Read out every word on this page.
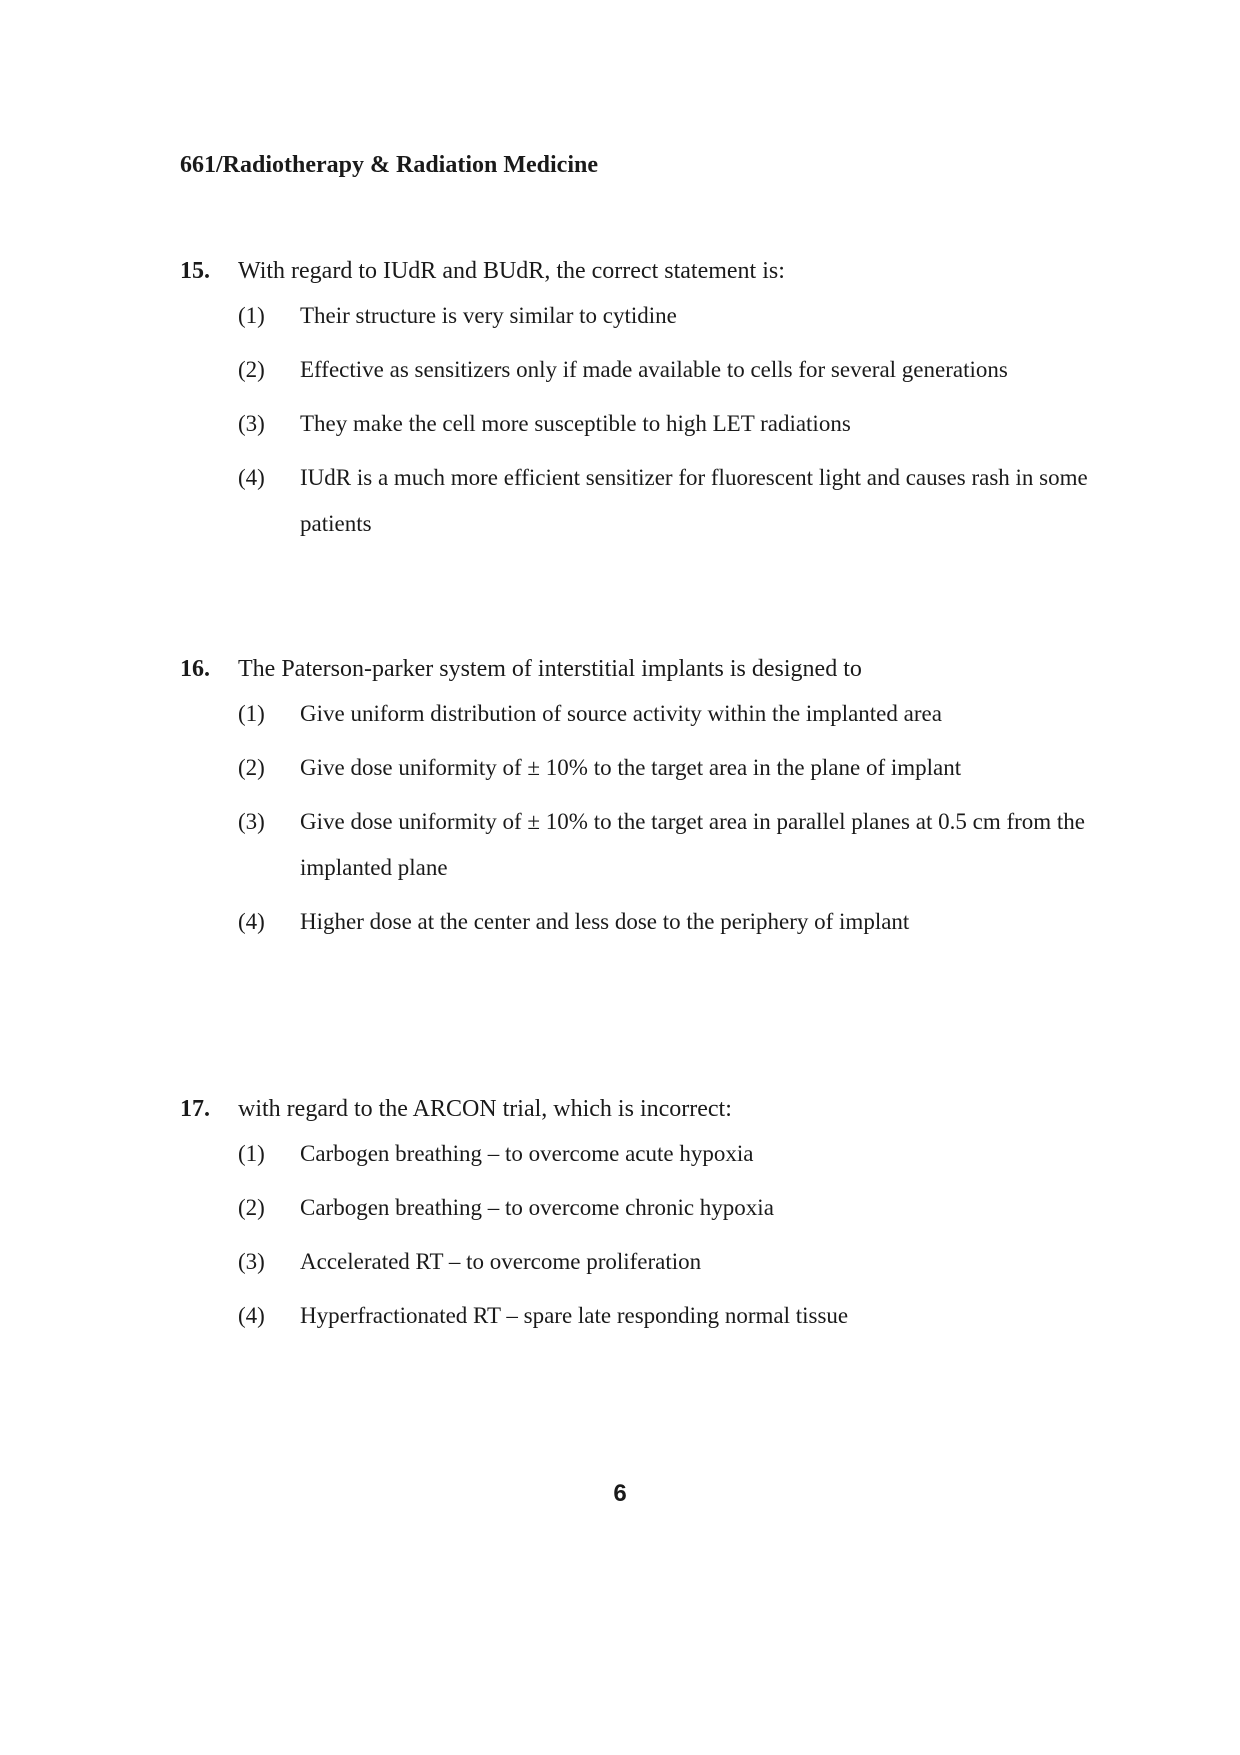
661/Radiotherapy & Radiation Medicine
15.	With regard to IUdR and BUdR, the correct statement is:
(1)	Their structure is very similar to cytidine
(2)	Effective as sensitizers only if made available to cells for several generations
(3)	They make the cell more susceptible to high LET radiations
(4)	IUdR is a much more efficient sensitizer for fluorescent light and causes rash in some patients
16.	The Paterson-parker system of interstitial implants is designed to
(1)	Give uniform distribution of source activity within the implanted area
(2)	Give dose uniformity of ± 10% to the target area in the plane of implant
(3)	Give dose uniformity of ± 10% to the target area in parallel planes at 0.5 cm from the implanted plane
(4)	Higher dose at the center and less dose to the periphery of implant
17.	with regard to the ARCON trial, which is incorrect:
(1)	Carbogen breathing – to overcome acute hypoxia
(2)	Carbogen breathing – to overcome chronic hypoxia
(3)	Accelerated RT – to overcome proliferation
(4)	Hyperfractionated RT – spare late responding normal tissue
6
